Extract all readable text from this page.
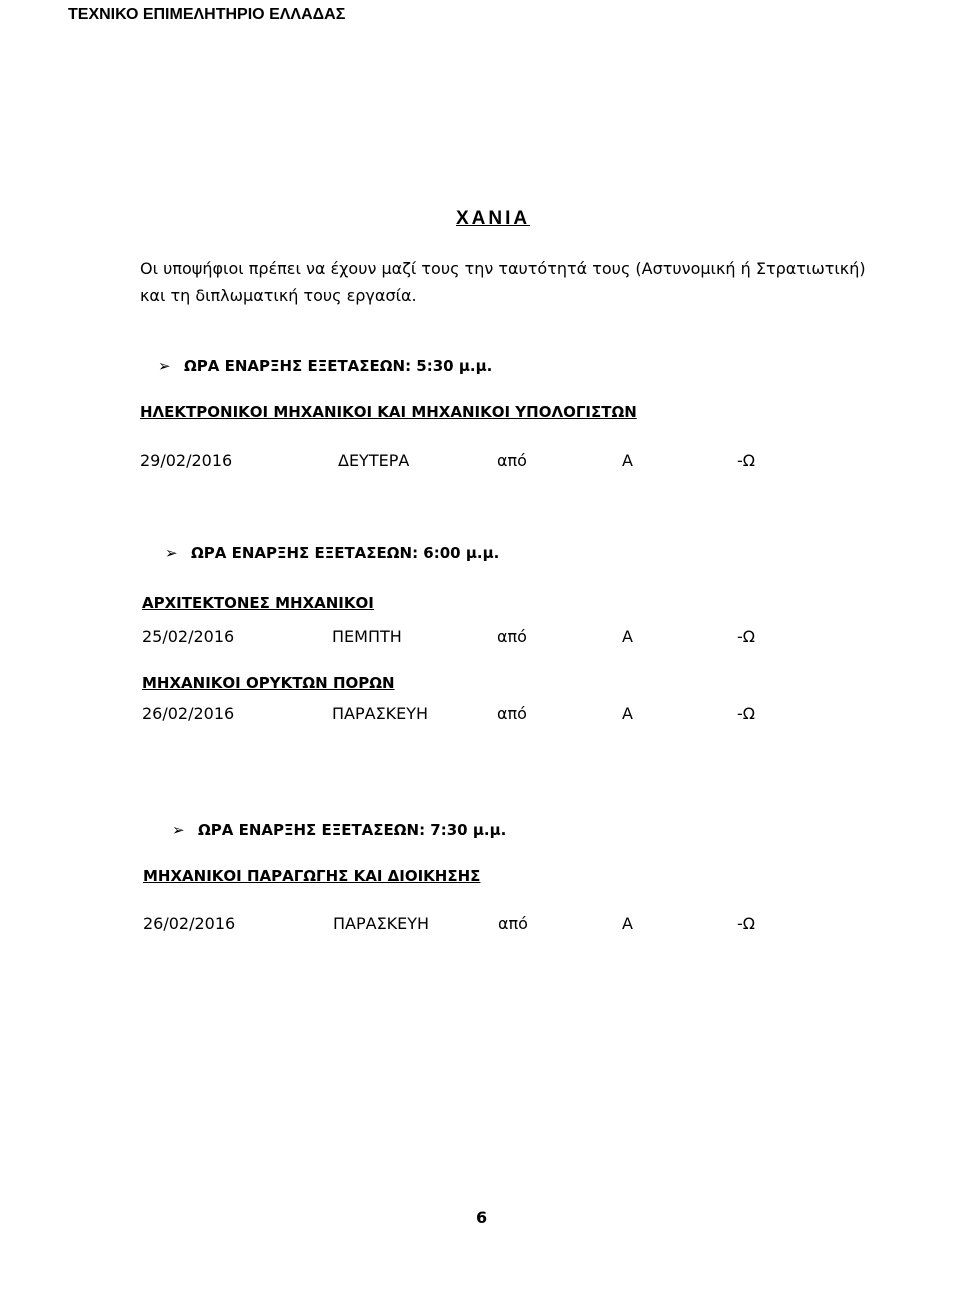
ΤΕΧΝΙΚΟ ΕΠΙΜΕΛΗΤΗΡΙΟ ΕΛΛΑΔΑΣ
ΧΑΝΙΑ
Οι υποψήφιοι πρέπει να έχουν μαζί τους την ταυτότητά τους (Αστυνομική ή Στρατιωτική)
και τη διπλωματική τους εργασία.
➢ ΩΡΑ ΕΝΑΡΞΗΣ ΕΞΕΤΑΣΕΩΝ: 5:30 μ.μ.
ΗΛΕΚΤΡΟΝΙΚΟΙ ΜΗΧΑΝΙΚΟΙ ΚΑΙ ΜΗΧΑΝΙΚΟΙ ΥΠΟΛΟΓΙΣΤΩΝ
29/02/2016	ΔΕΥΤΕΡΑ	από	Α	-Ω
➢ ΩΡΑ ΕΝΑΡΞΗΣ ΕΞΕΤΑΣΕΩΝ: 6:00 μ.μ.
ΑΡΧΙΤΕΚΤΟΝΕΣ ΜΗΧΑΝΙΚΟΙ
25/02/2016	ΠΕΜΠΤΗ	από	Α	-Ω
ΜΗΧΑΝΙΚΟΙ ΟΡΥΚΤΩΝ ΠΟΡΩΝ
26/02/2016	ΠΑΡΑΣΚΕΥΗ	από	Α	-Ω
➢ ΩΡΑ ΕΝΑΡΞΗΣ ΕΞΕΤΑΣΕΩΝ: 7:30 μ.μ.
ΜΗΧΑΝΙΚΟΙ ΠΑΡΑΓΩΓΗΣ ΚΑΙ ΔΙΟΙΚΗΣΗΣ
26/02/2016	ΠΑΡΑΣΚΕΥΗ	από	Α	-Ω
6
